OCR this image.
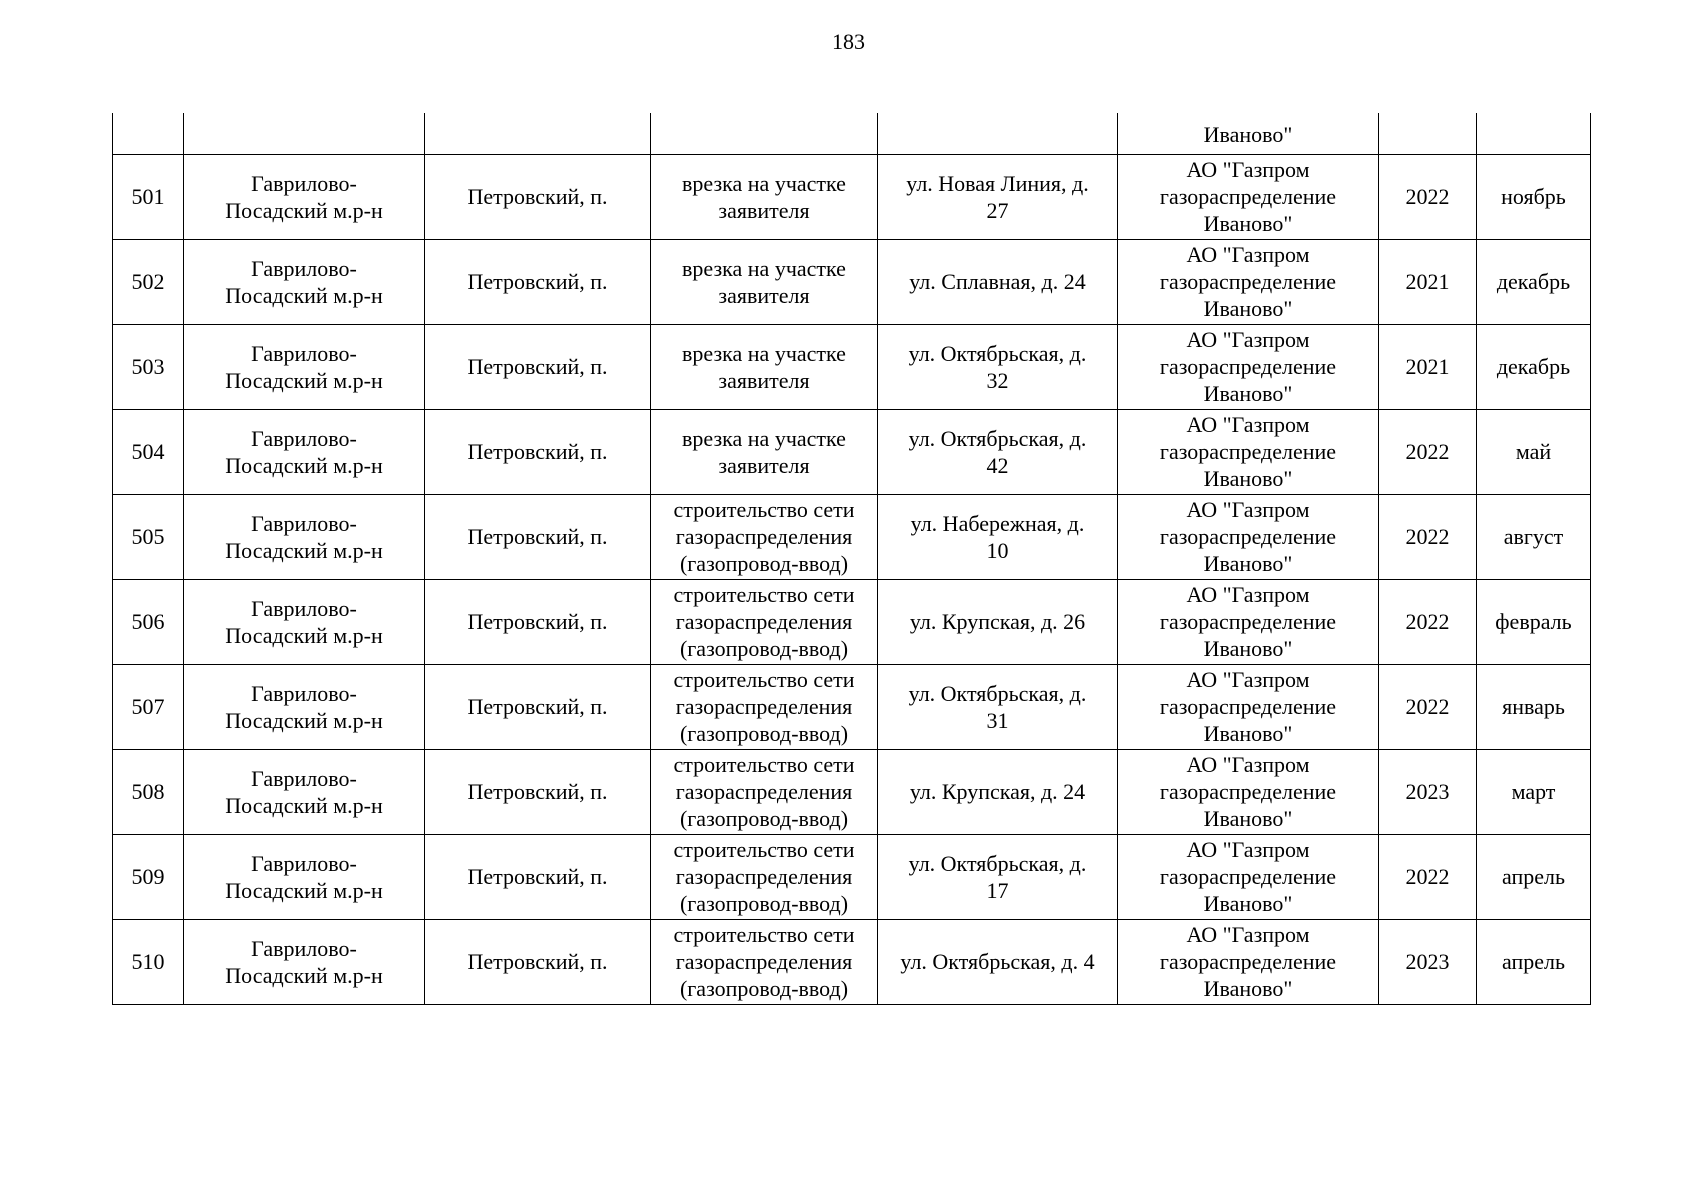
183

					Иваново"		

501	Гаврилово-
Посадский м.р-н	Петровский, п.	врезка на участке
заявителя	ул. Новая Линия, д.
27	АО "Газпром
газораспределение
Иваново"	2022	ноябрь
502	Гаврилово-
Посадский м.р-н	Петровский, п.	врезка на участке
заявителя	ул. Сплавная, д. 24	АО "Газпром
газораспределение
Иваново"	2021	декабрь
503	Гаврилово-
Посадский м.р-н	Петровский, п.	врезка на участке
заявителя	ул. Октябрьская, д.
32	АО "Газпром
газораспределение
Иваново"	2021	декабрь
504	Гаврилово-
Посадский м.р-н	Петровский, п.	врезка на участке
заявителя	ул. Октябрьская, д.
42	АО "Газпром
газораспределение
Иваново"	2022	май
505	Гаврилово-
Посадский м.р-н	Петровский, п.	строительство сети
газораспределения
(газопровод-ввод)	ул. Набережная, д.
10	АО "Газпром
газораспределение
Иваново"	2022	август
506	Гаврилово-
Посадский м.р-н	Петровский, п.	строительство сети
газораспределения
(газопровод-ввод)	ул. Крупская, д. 26	АО "Газпром
газораспределение
Иваново"	2022	февраль
507	Гаврилово-
Посадский м.р-н	Петровский, п.	строительство сети
газораспределения
(газопровод-ввод)	ул. Октябрьская, д.
31	АО "Газпром
газораспределение
Иваново"	2022	январь
508	Гаврилово-
Посадский м.р-н	Петровский, п.	строительство сети
газораспределения
(газопровод-ввод)	ул. Крупская, д. 24	АО "Газпром
газораспределение
Иваново"	2023	март
509	Гаврилово-
Посадский м.р-н	Петровский, п.	строительство сети
газораспределения
(газопровод-ввод)	ул. Октябрьская, д.
17	АО "Газпром
газораспределение
Иваново"	2022	апрель
510	Гаврилово-
Посадский м.р-н	Петровский, п.	строительство сети
газораспределения
(газопровод-ввод)	ул. Октябрьская, д. 4	АО "Газпром
газораспределение
Иваново"	2023	апрель
